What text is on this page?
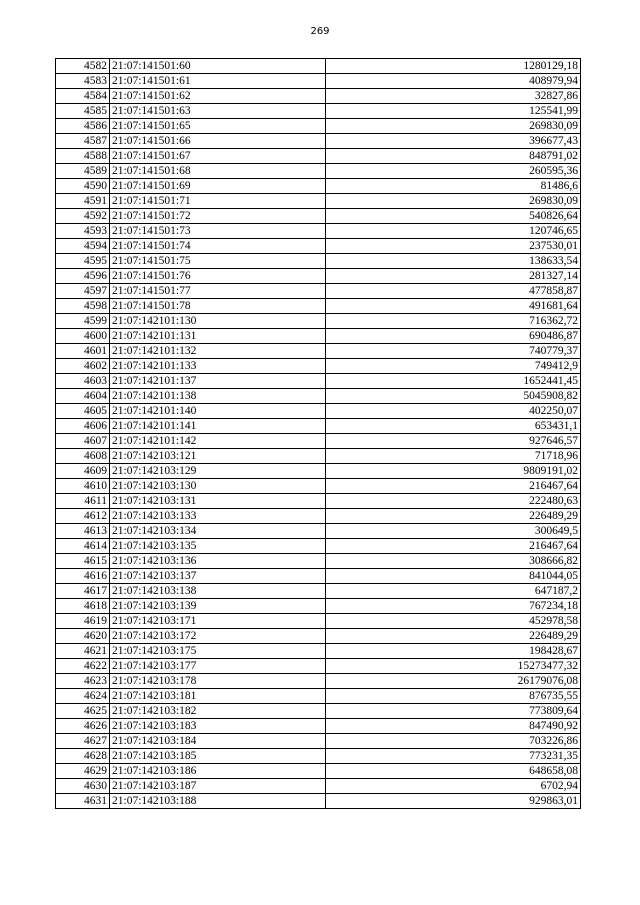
269
4582	21:07:141501:60	1280129,18
4583	21:07:141501:61	408979,94
4584	21:07:141501:62	32827,86
4585	21:07:141501:63	125541,99
4586	21:07:141501:65	269830,09
4587	21:07:141501:66	396677,43
4588	21:07:141501:67	848791,02
4589	21:07:141501:68	260595,36
4590	21:07:141501:69	81486,6
4591	21:07:141501:71	269830,09
4592	21:07:141501:72	540826,64
4593	21:07:141501:73	120746,65
4594	21:07:141501:74	237530,01
4595	21:07:141501:75	138633,54
4596	21:07:141501:76	281327,14
4597	21:07:141501:77	477858,87
4598	21:07:141501:78	491681,64
4599	21:07:142101:130	716362,72
4600	21:07:142101:131	690486,87
4601	21:07:142101:132	740779,37
4602	21:07:142101:133	749412,9
4603	21:07:142101:137	1652441,45
4604	21:07:142101:138	5045908,82
4605	21:07:142101:140	402250,07
4606	21:07:142101:141	653431,1
4607	21:07:142101:142	927646,57
4608	21:07:142103:121	71718,96
4609	21:07:142103:129	9809191,02
4610	21:07:142103:130	216467,64
4611	21:07:142103:131	222480,63
4612	21:07:142103:133	226489,29
4613	21:07:142103:134	300649,5
4614	21:07:142103:135	216467,64
4615	21:07:142103:136	308666,82
4616	21:07:142103:137	841044,05
4617	21:07:142103:138	647187,2
4618	21:07:142103:139	767234,18
4619	21:07:142103:171	452978,58
4620	21:07:142103:172	226489,29
4621	21:07:142103:175	198428,67
4622	21:07:142103:177	15273477,32
4623	21:07:142103:178	26179076,08
4624	21:07:142103:181	876735,55
4625	21:07:142103:182	773809,64
4626	21:07:142103:183	847490,92
4627	21:07:142103:184	703226,86
4628	21:07:142103:185	773231,35
4629	21:07:142103:186	648658,08
4630	21:07:142103:187	6702,94
4631	21:07:142103:188	929863,01
